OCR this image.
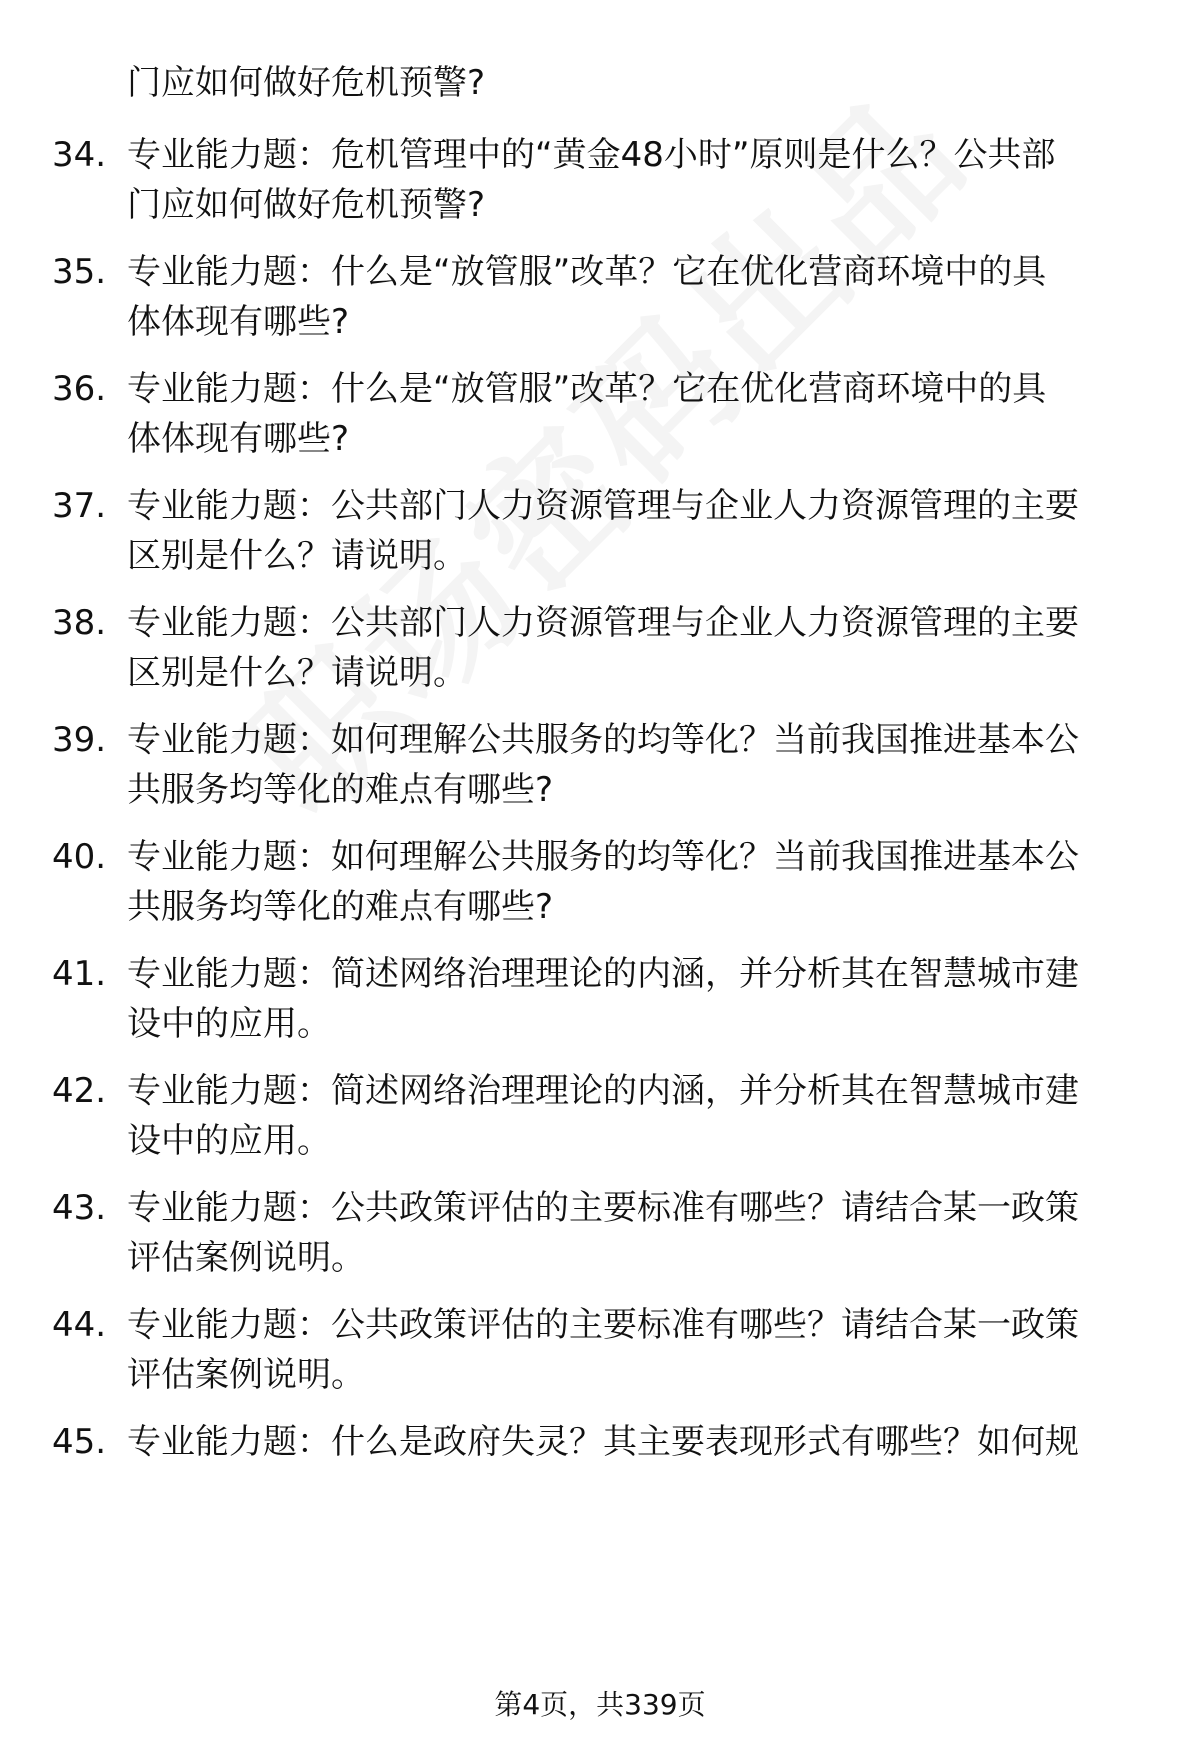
门应如何做好危机预警?
34. 专业能力题：危机管理中的“黄金48小时”原则是什么？公共部
门应如何做好危机预警?
35. 专业能力题：什么是“放管服”改革？它在优化营商环境中的具
体体现有哪些?
36. 专业能力题：什么是“放管服”改革？它在优化营商环境中的具
体体现有哪些?
37. 专业能力题：公共部门人力资源管理与企业人力资源管理的主要
区别是什么？请说明。
38. 专业能力题：公共部门人力资源管理与企业人力资源管理的主要
区别是什么？请说明。
39. 专业能力题：如何理解公共服务的均等化？当前我国推进基本公
共服务均等化的难点有哪些?
40. 专业能力题：如何理解公共服务的均等化？当前我国推进基本公
共服务均等化的难点有哪些?
41. 专业能力题：简述网络治理理论的内涵，并分析其在智慧城市建
设中的应用。
42. 专业能力题：简述网络治理理论的内涵，并分析其在智慧城市建
设中的应用。
43. 专业能力题：公共政策评估的主要标准有哪些？请结合某一政策
评估案例说明。
44. 专业能力题：公共政策评估的主要标准有哪些？请结合某一政策
评估案例说明。
45. 专业能力题：什么是政府失灵？其主要表现形式有哪些？如何规
第4页，共339页
